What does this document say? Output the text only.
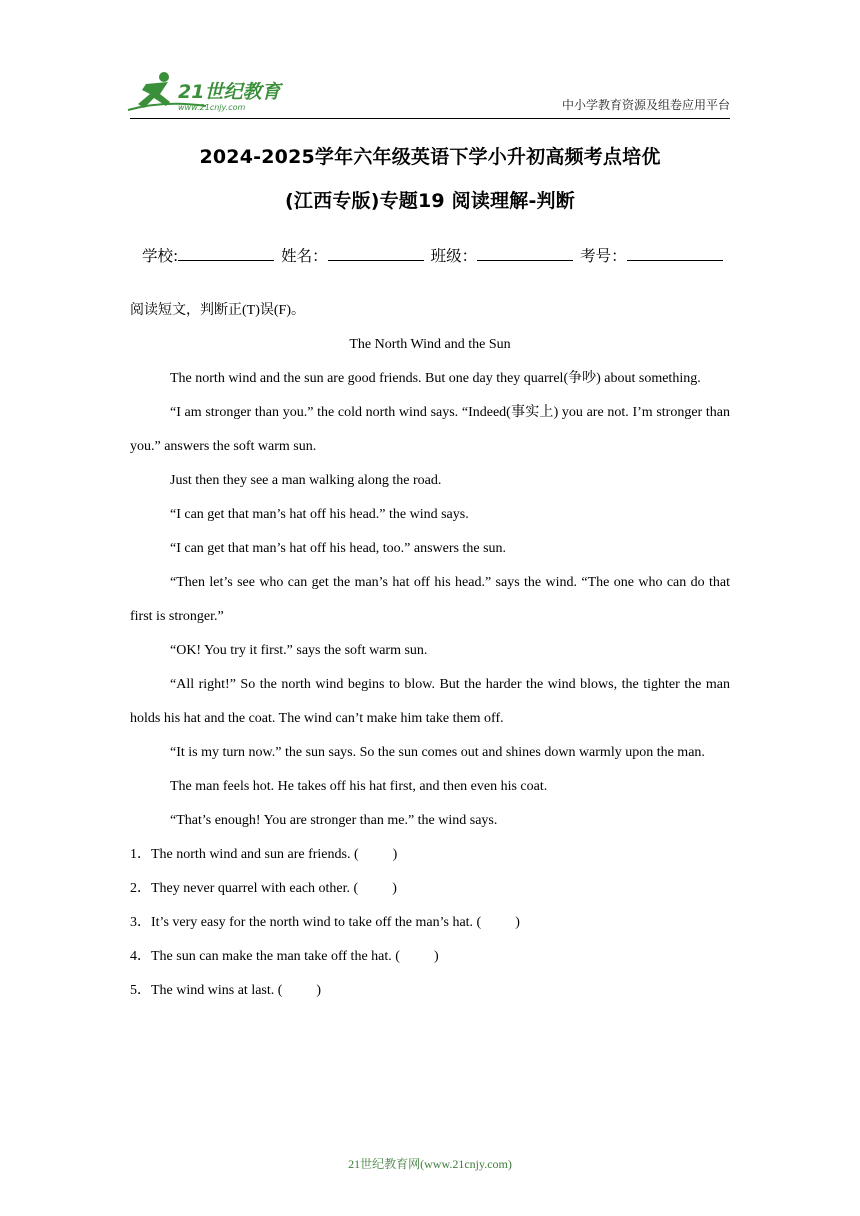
21世纪教育
www.21cnjy.com	中小学教育资源及组卷应用平台
2024-2025学年六年级英语下学小升初高频考点培优
(江西专版)专题19 阅读理解-判断
学校:	姓名：	班级：	考号：

阅读短文，判断正(T)误(F)。

The North Wind and the Sun

The north wind and the sun are good friends. But one day they quarrel(争吵) about something.

“I am stronger than you.” the cold north wind says. “Indeed(事实上) you are not. I’m stronger than you.” answers the soft warm sun.

Just then they see a man walking along the road.

“I can get that man’s hat off his head.” the wind says.

“I can get that man’s hat off his head, too.” answers the sun.

“Then let’s see who can get the man’s hat off his head.” says the wind. “The one who can do that first is stronger.”

“OK! You try it first.” says the soft warm sun.

“All right!” So the north wind begins to blow. But the harder the wind blows, the tighter the man holds his hat and the coat. The wind can’t make him take them off.

“It is my turn now.” the sun says. So the sun comes out and shines down warmly upon the man.

The man feels hot. He takes off his hat first, and then even his coat.

“That’s enough! You are stronger than me.” the wind says.

1．The north wind and sun are friends. ( )

2．They never quarrel with each other. ( )

3．It’s very easy for the north wind to take off the man’s hat. ( )

4．The sun can make the man take off the hat. ( )

5．The wind wins at last. ( )

21世纪教育网(www.21cnjy.com)
